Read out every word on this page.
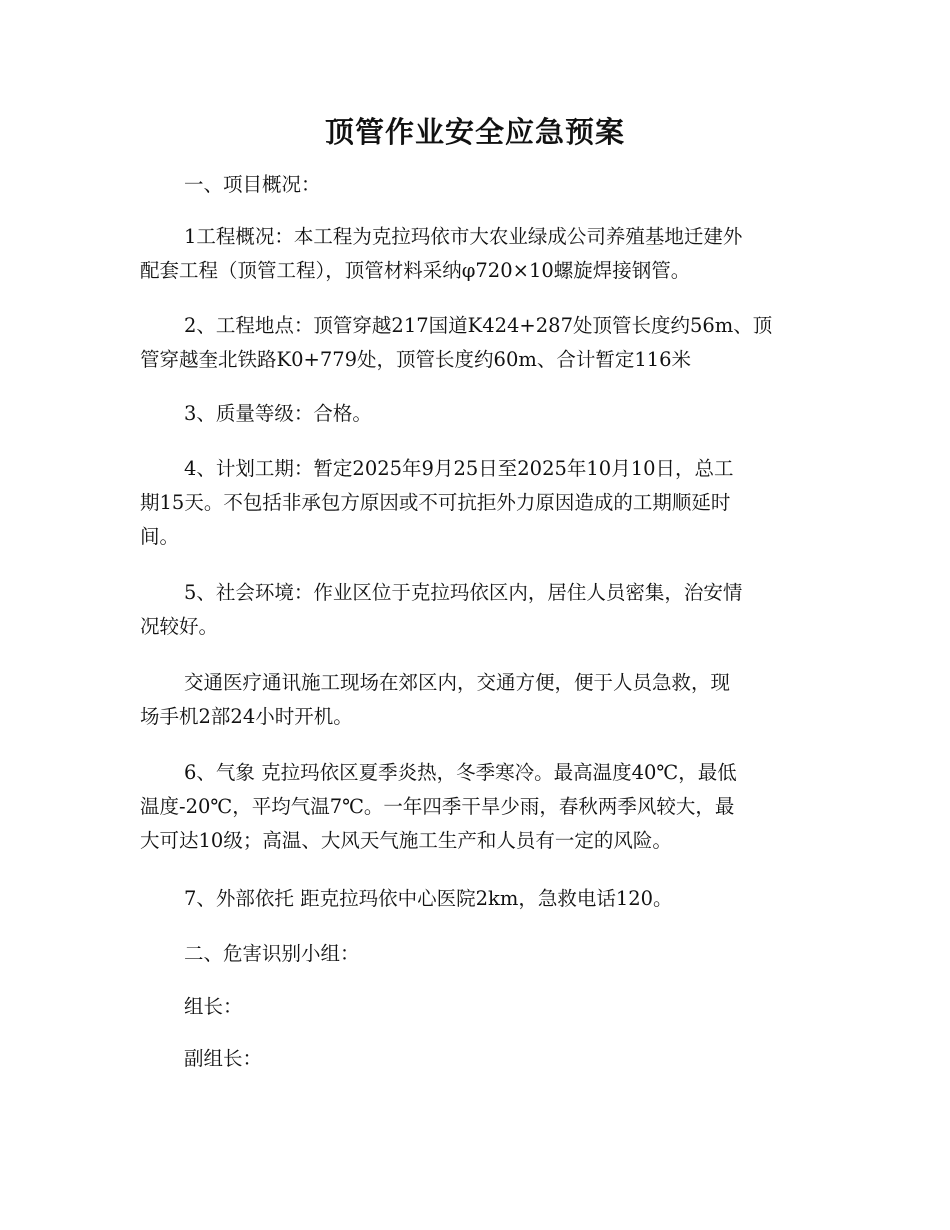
顶管作业安全应急预案

一、项目概况：

1工程概况：本工程为克拉玛依市大农业绿成公司养殖基地迁建外
配套工程（顶管工程），顶管材料采纳φ720×10螺旋焊接钢管。
2、工程地点：顶管穿越217国道K424+287处顶管长度约56m、顶
管穿越奎北铁路K0+779处，顶管长度约60m、合计暂定116米

3、质量等级：合格。

4、计划工期：暂定2025年9月25日至2025年10月10日，总工
期15天。不包括非承包方原因或不可抗拒外力原因造成的工期顺延时
间。
5、社会环境：作业区位于克拉玛依区内，居住人员密集，治安情
况较好。
交通医疗通讯施工现场在郊区内，交通方便，便于人员急救，现
场手机2部24小时开机。
6、气象 克拉玛依区夏季炎热，冬季寒冷。最高温度40℃，最低
温度-20℃，平均气温7℃。一年四季干旱少雨，春秋两季风较大，最
大可达10级；高温、大风天气施工生产和人员有一定的风险。

7、外部依托 距克拉玛依中心医院2km，急救电话120。

二、危害识别小组：

组长：

副组长：
